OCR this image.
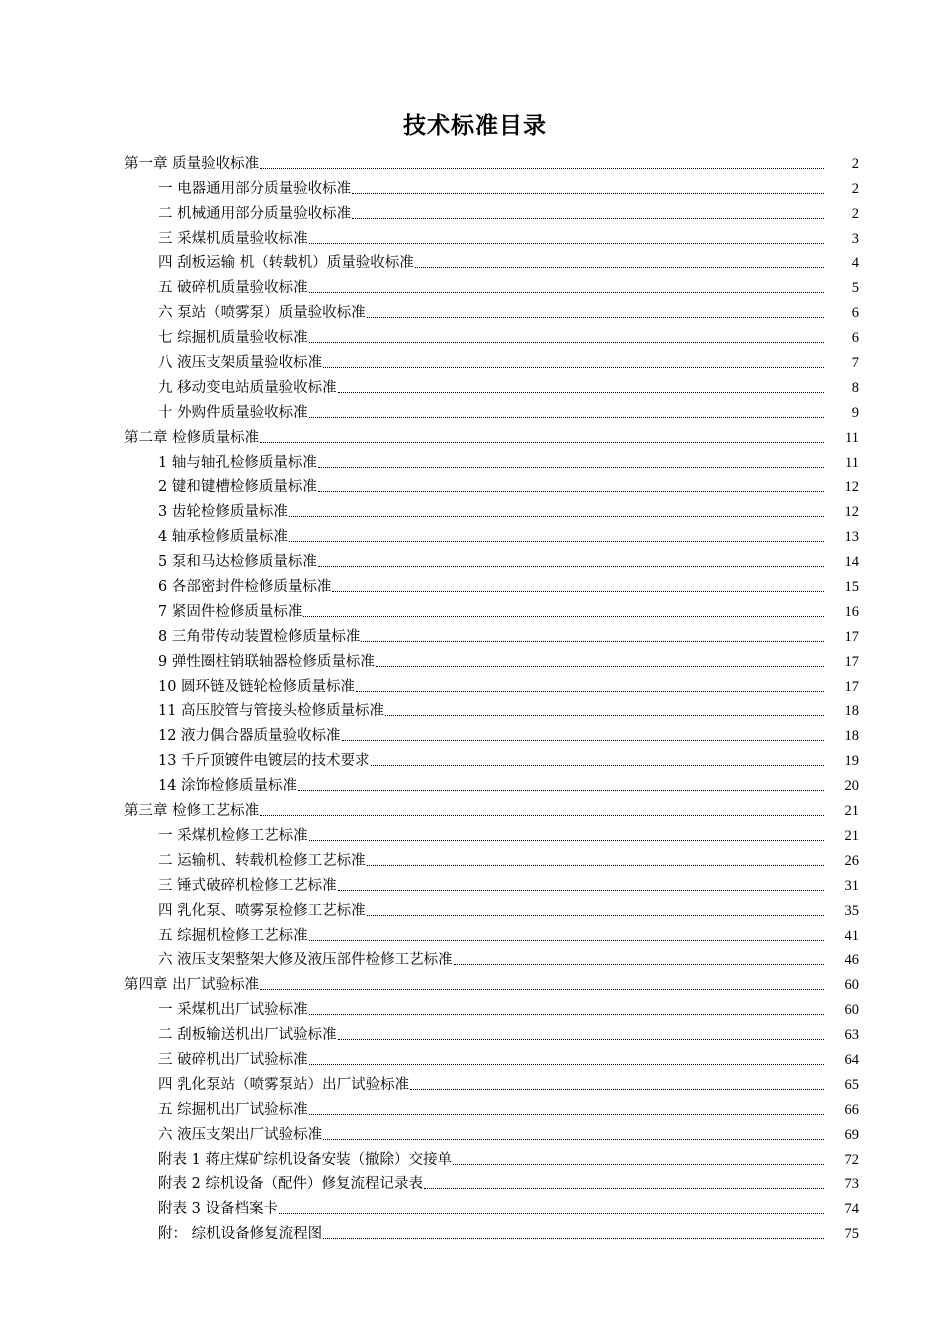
技术标准目录
第一章 质量验收标准	2
一 电器通用部分质量验收标准	2
二 机械通用部分质量验收标准	2
三 采煤机质量验收标准	3
四 刮板运输 机（转载机）质量验收标准	4
五 破碎机质量验收标准	5
六 泵站（喷雾泵）质量验收标准	6
七 综掘机质量验收标准	6
八 液压支架质量验收标准	7
九 移动变电站质量验收标准	8
十 外购件质量验收标准	9
第二章 检修质量标准	11
1 轴与轴孔检修质量标准	11
2 键和键槽检修质量标准	12
3 齿轮检修质量标准	12
4 轴承检修质量标准	13
5 泵和马达检修质量标准	14
6 各部密封件检修质量标准	15
7 紧固件检修质量标准	16
8 三角带传动装置检修质量标准	17
9 弹性圈柱销联轴器检修质量标准	17
10 圆环链及链轮检修质量标准	17
11 高压胶管与管接头检修质量标准	18
12 液力偶合器质量验收标准	18
13 千斤顶镀件电镀层的技术要求	19
14 涂饰检修质量标准	20
第三章 检修工艺标准	21
一 采煤机检修工艺标准	21
二 运输机、转载机检修工艺标准	26
三 锤式破碎机检修工艺标准	31
四 乳化泵、喷雾泵检修工艺标准	35
五 综掘机检修工艺标准	41
六 液压支架整架大修及液压部件检修工艺标准	46
第四章 出厂试验标准	60
一 采煤机出厂试验标准	60
二 刮板输送机出厂试验标准	63
三 破碎机出厂试验标准	64
四 乳化泵站（喷雾泵站）出厂试验标准	65
五 综掘机出厂试验标准	66
六 液压支架出厂试验标准	69
附表 1 蒋庄煤矿综机设备安装（撤除）交接单	72
附表 2 综机设备（配件）修复流程记录表	73
附表 3 设备档案卡	74
附： 综机设备修复流程图	75
